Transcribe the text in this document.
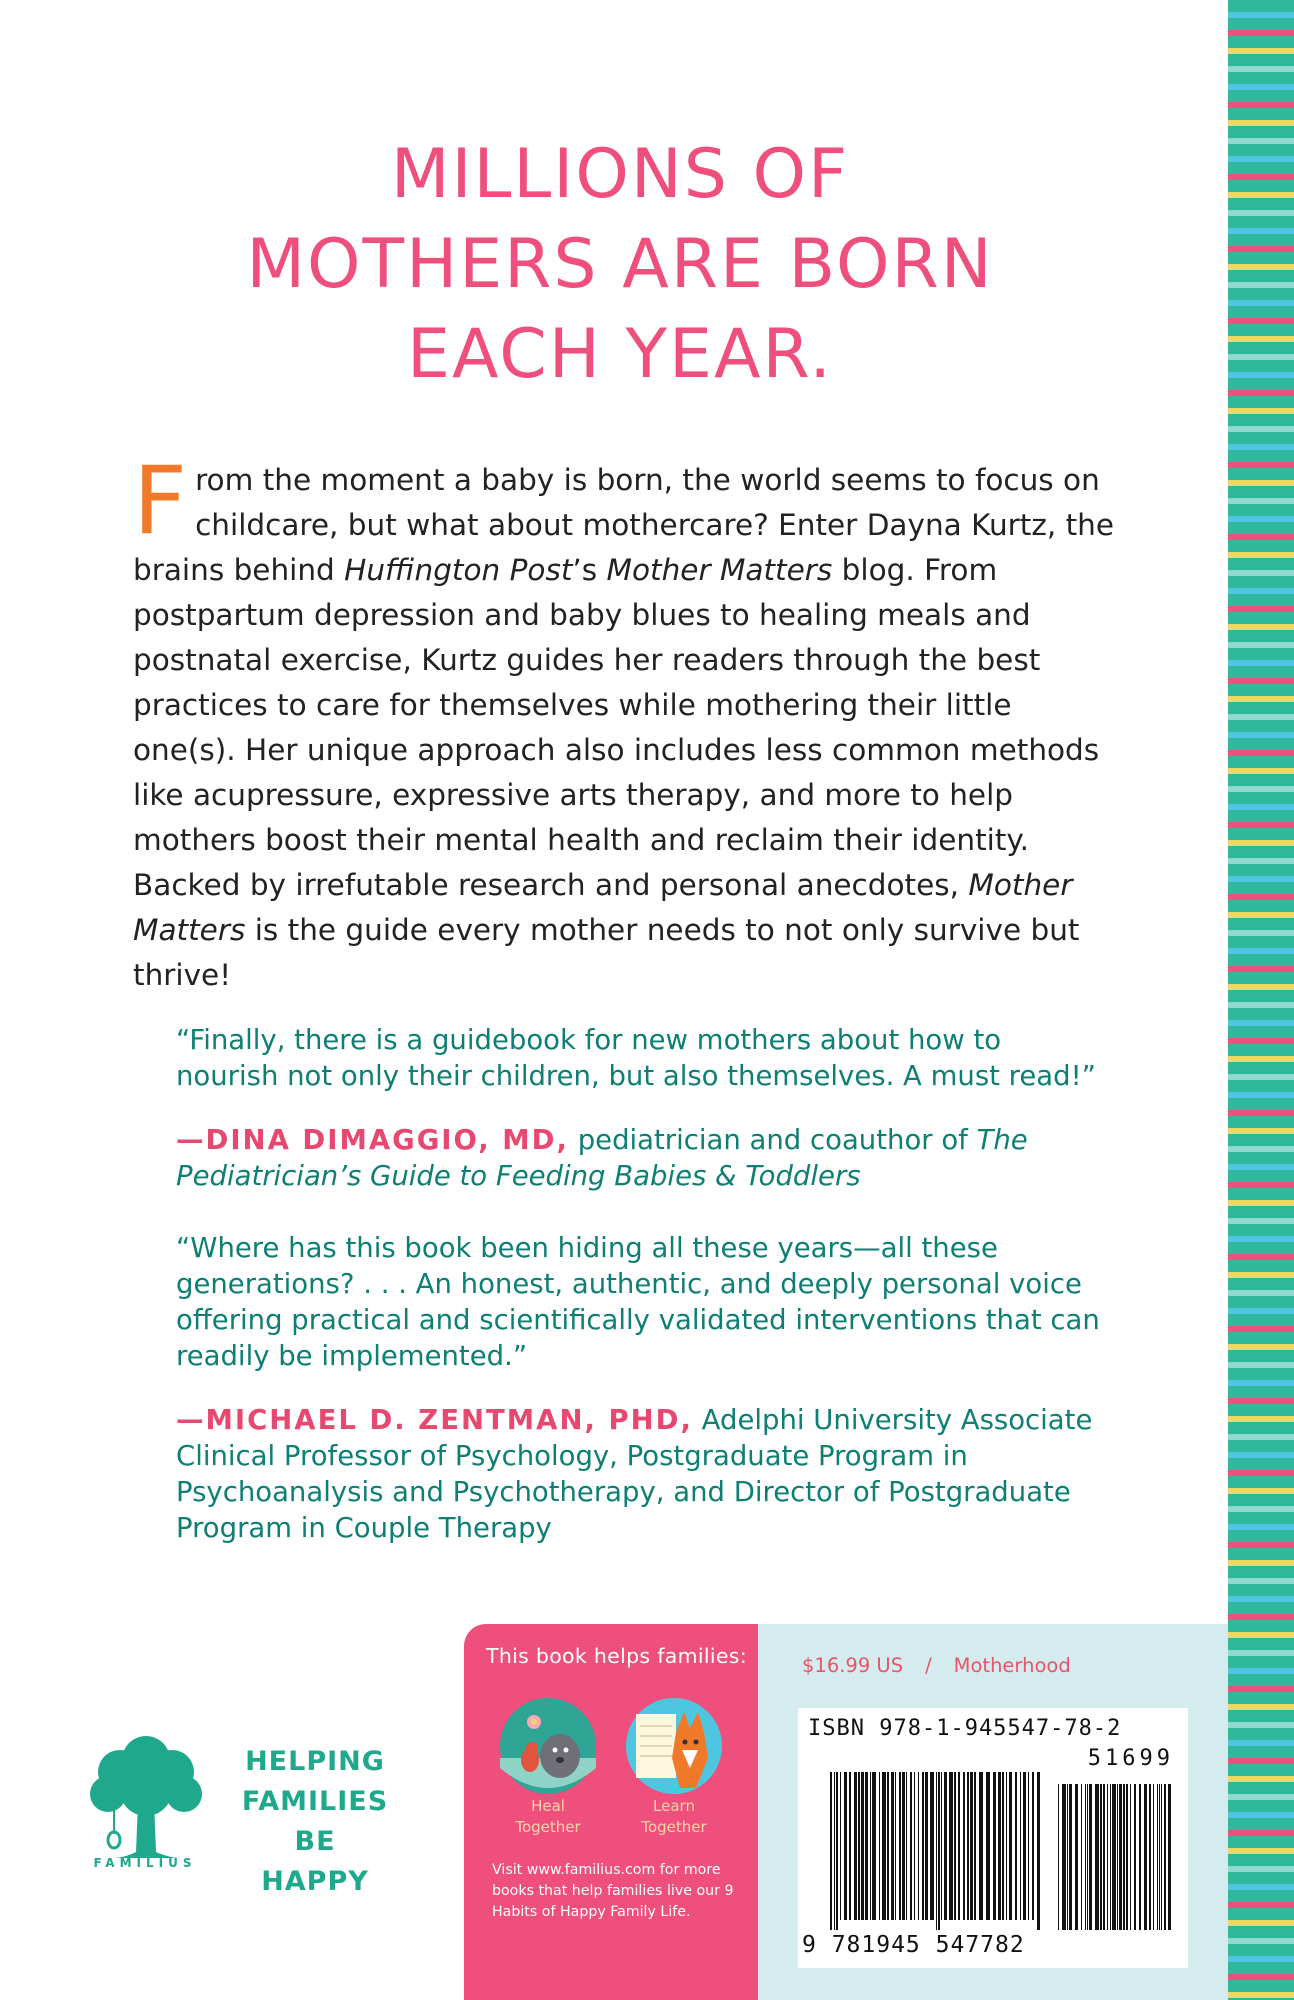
MILLIONS OF
MOTHERS ARE BORN
EACH YEAR.

From the moment a baby is born, the world seems to focus on childcare, but what about mothercare? Enter Dayna Kurtz, the brains behind Huffington Post’s Mother Matters blog. From postpartum depression and baby blues to healing meals and postnatal exercise, Kurtz guides her readers through the best practices to care for themselves while mothering their little one(s). Her unique approach also includes less common methods like acupressure, expressive arts therapy, and more to help mothers boost their mental health and reclaim their identity. Backed by irrefutable research and personal anecdotes, Mother Matters is the guide every mother needs to not only survive but thrive!

“Finally, there is a guidebook for new mothers about how to nourish not only their children, but also themselves. A must read!”

—DINA DIMAGGIO, MD, pediatrician and coauthor of The Pediatrician’s Guide to Feeding Babies & Toddlers

“Where has this book been hiding all these years—all these generations? . . . An honest, authentic, and deeply personal voice offering practical and scientifically validated interventions that can readily be implemented.”

—MICHAEL D. ZENTMAN, PHD, Adelphi University Associate Clinical Professor of Psychology, Postgraduate Program in Psychoanalysis and Psychotherapy, and Director of Postgraduate Program in Couple Therapy

FAMILIUS

HELPING
FAMILIES BE
HAPPY

This book helps families:

Heal
Together
Learn
Together

Visit www.familius.com for more books that help families live our 9 Habits of Happy Family Life.

$16.99 US / Motherhood

ISBN 978-1-945547-78-2

51699

9 781945 547782
